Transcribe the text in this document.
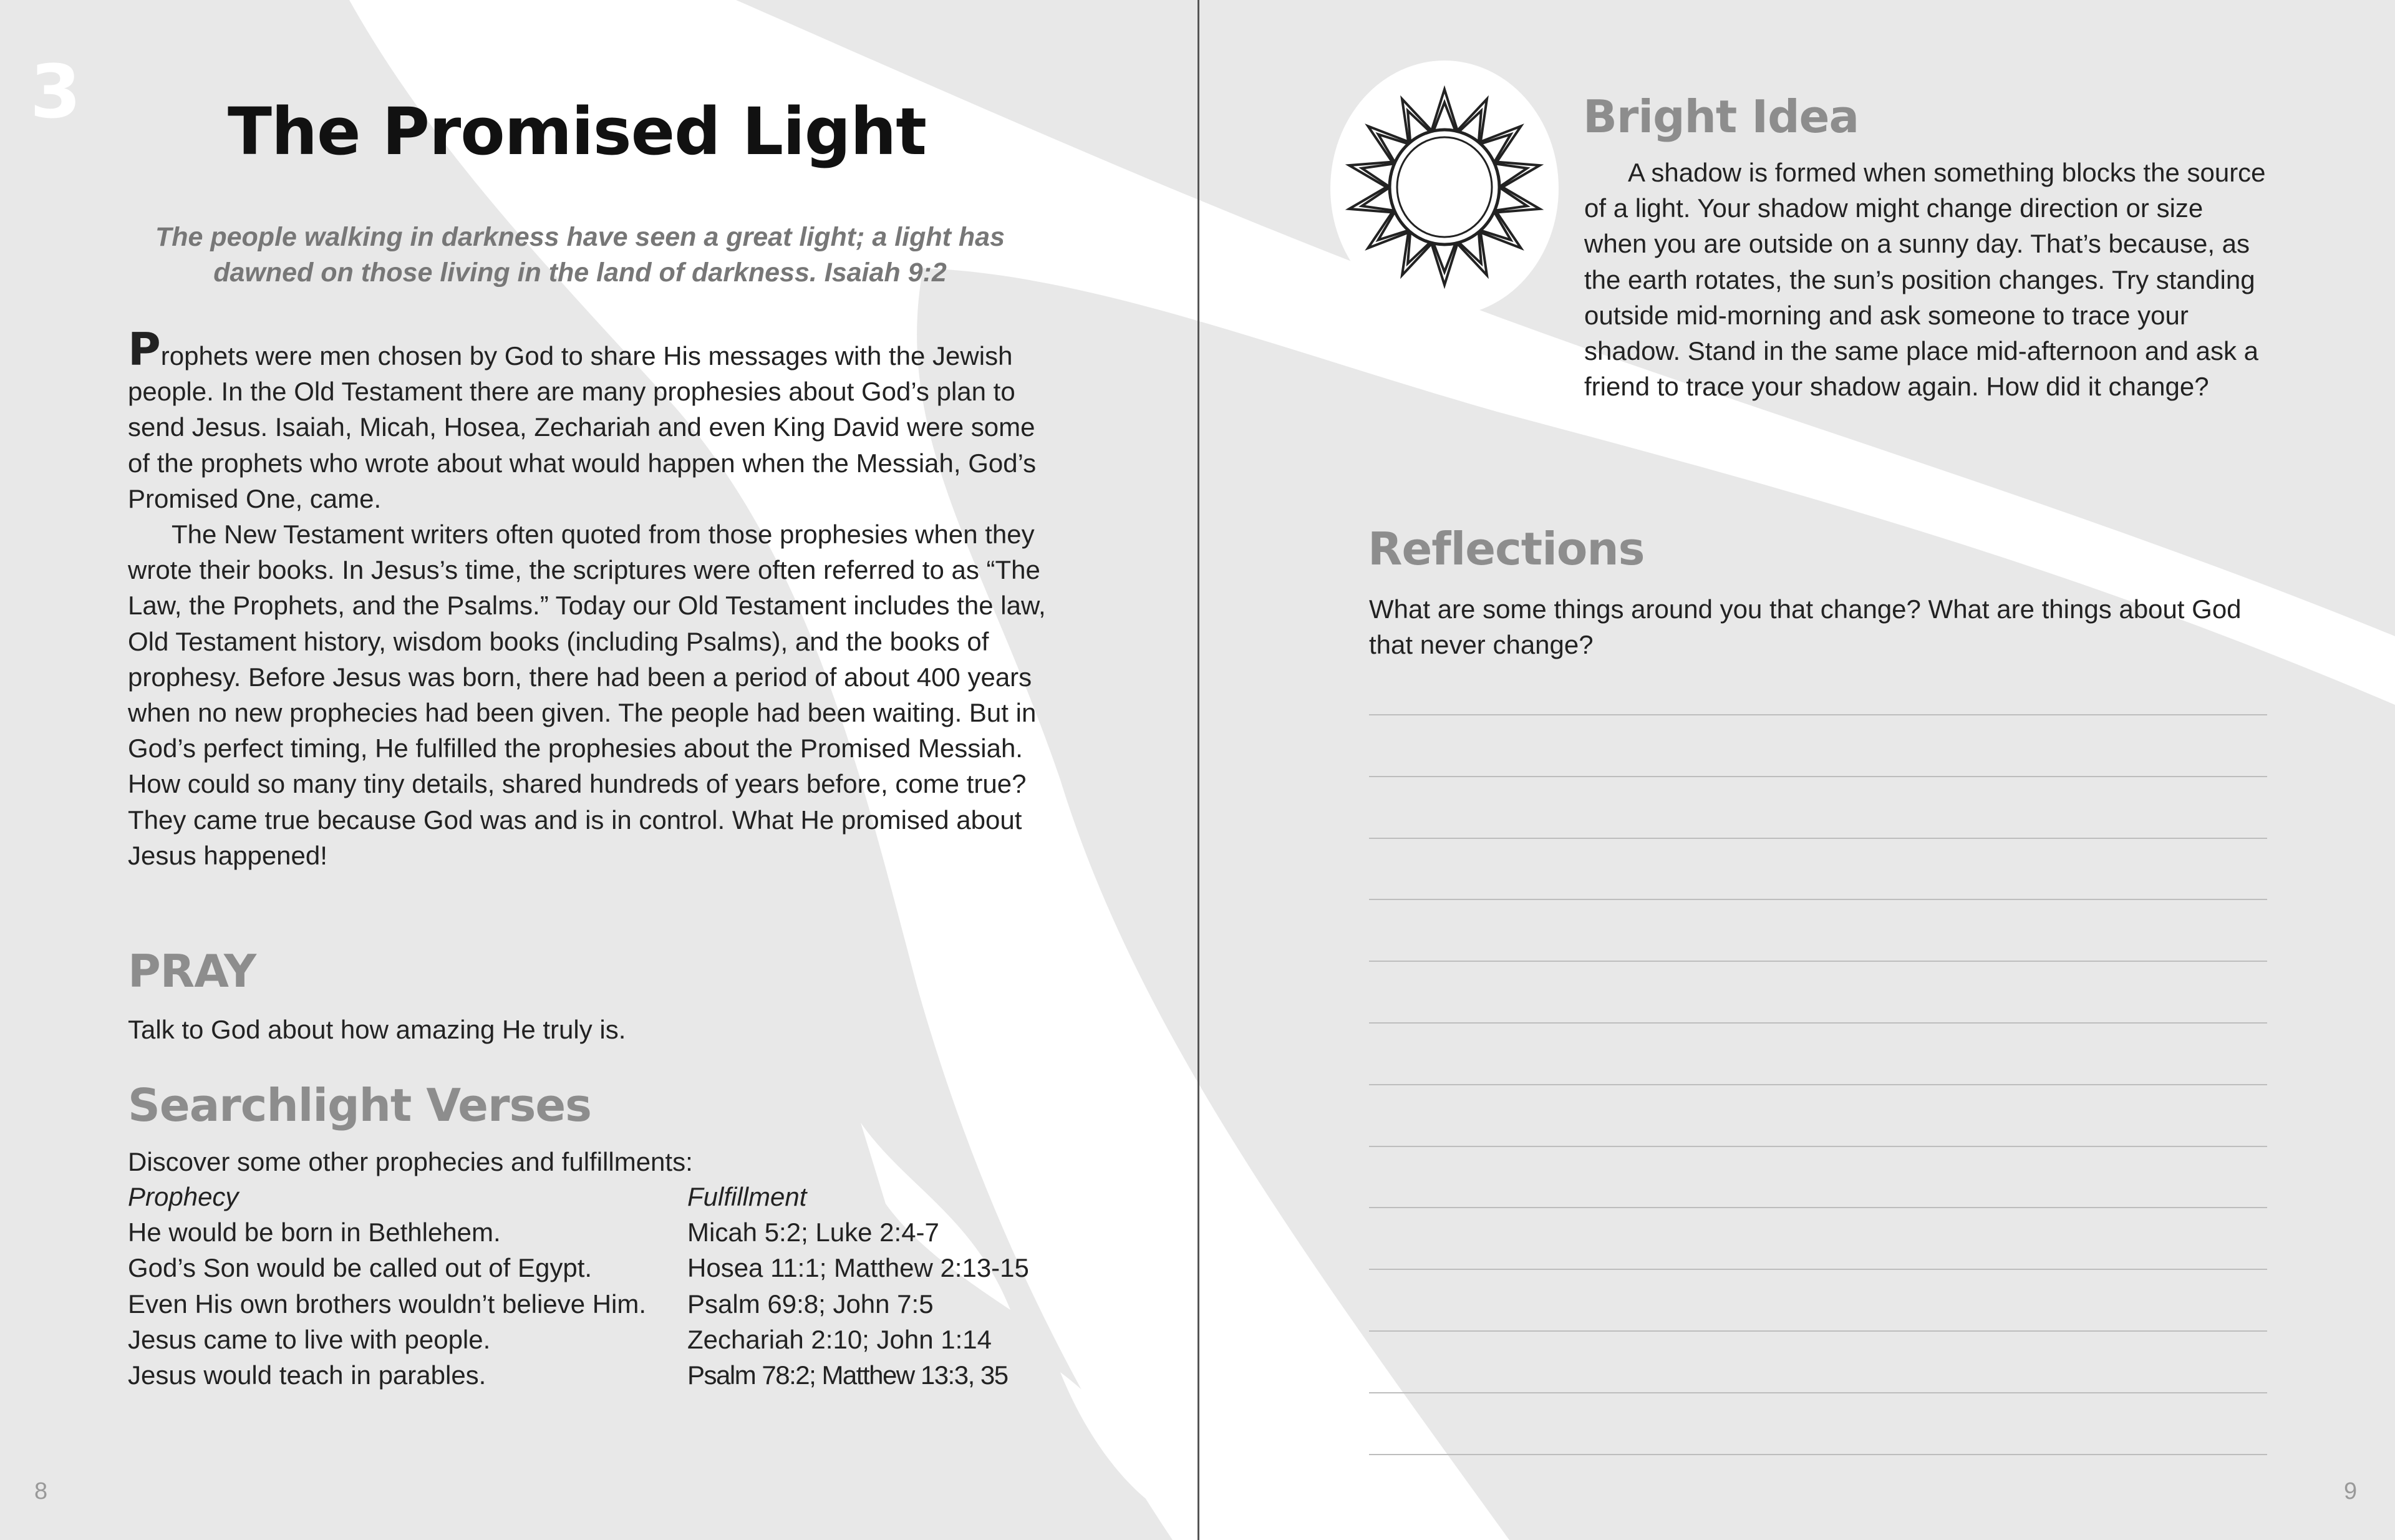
3	The Promised Light
The people walking in darkness have seen a great light; a light has dawned on those living in the land of darkness. Isaiah 9:2

Prophets were men chosen by God to share His messages with the Jewish people. In the Old Testament there are many prophesies about God’s plan to send Jesus. Isaiah, Micah, Hosea, Zechariah and even King David were some of the prophets who wrote about what would happen when the Messiah, God’s Promised One, came.

The New Testament writers often quoted from those prophesies when they wrote their books. In Jesus’s time, the scriptures were often referred to as “The Law, the Prophets, and the Psalms.” Today our Old Testament includes the law, Old Testament history, wisdom books (including Psalms), and the books of prophesy. Before Jesus was born, there had been a period of about 400 years when no new prophecies had been given. The people had been waiting. But in God’s perfect timing, He fulfilled the prophesies about the Promised Messiah. How could so many tiny details, shared hundreds of years before, come true? They came true because God was and is in control. What He promised about Jesus happened!

PRAY
Talk to God about how amazing He truly is.
Searchlight Verses
Discover some other prophecies and fulfillments:
Prophecy	Fulfillment
He would be born in Bethlehem.	Micah 5:2; Luke 2:4-7
God’s Son would be called out of Egypt.	Hosea 11:1; Matthew 2:13-15
Even His own brothers wouldn’t believe Him.	Psalm 69:8; John 7:5
Jesus came to live with people.	Zechariah 2:10; John 1:14
Jesus would teach in parables.	Psalm 78:2; Matthew 13:3, 35
8
Bright Idea
A shadow is formed when something blocks the source of a light. Your shadow might change direction or size when you are outside on a sunny day. That’s because, as the earth rotates, the sun’s position changes. Try standing outside mid-morning and ask someone to trace your shadow. Stand in the same place mid-afternoon and ask a friend to trace your shadow again. How did it change?
Reflections
What are some things around you that change? What are things about God that never change?
9
